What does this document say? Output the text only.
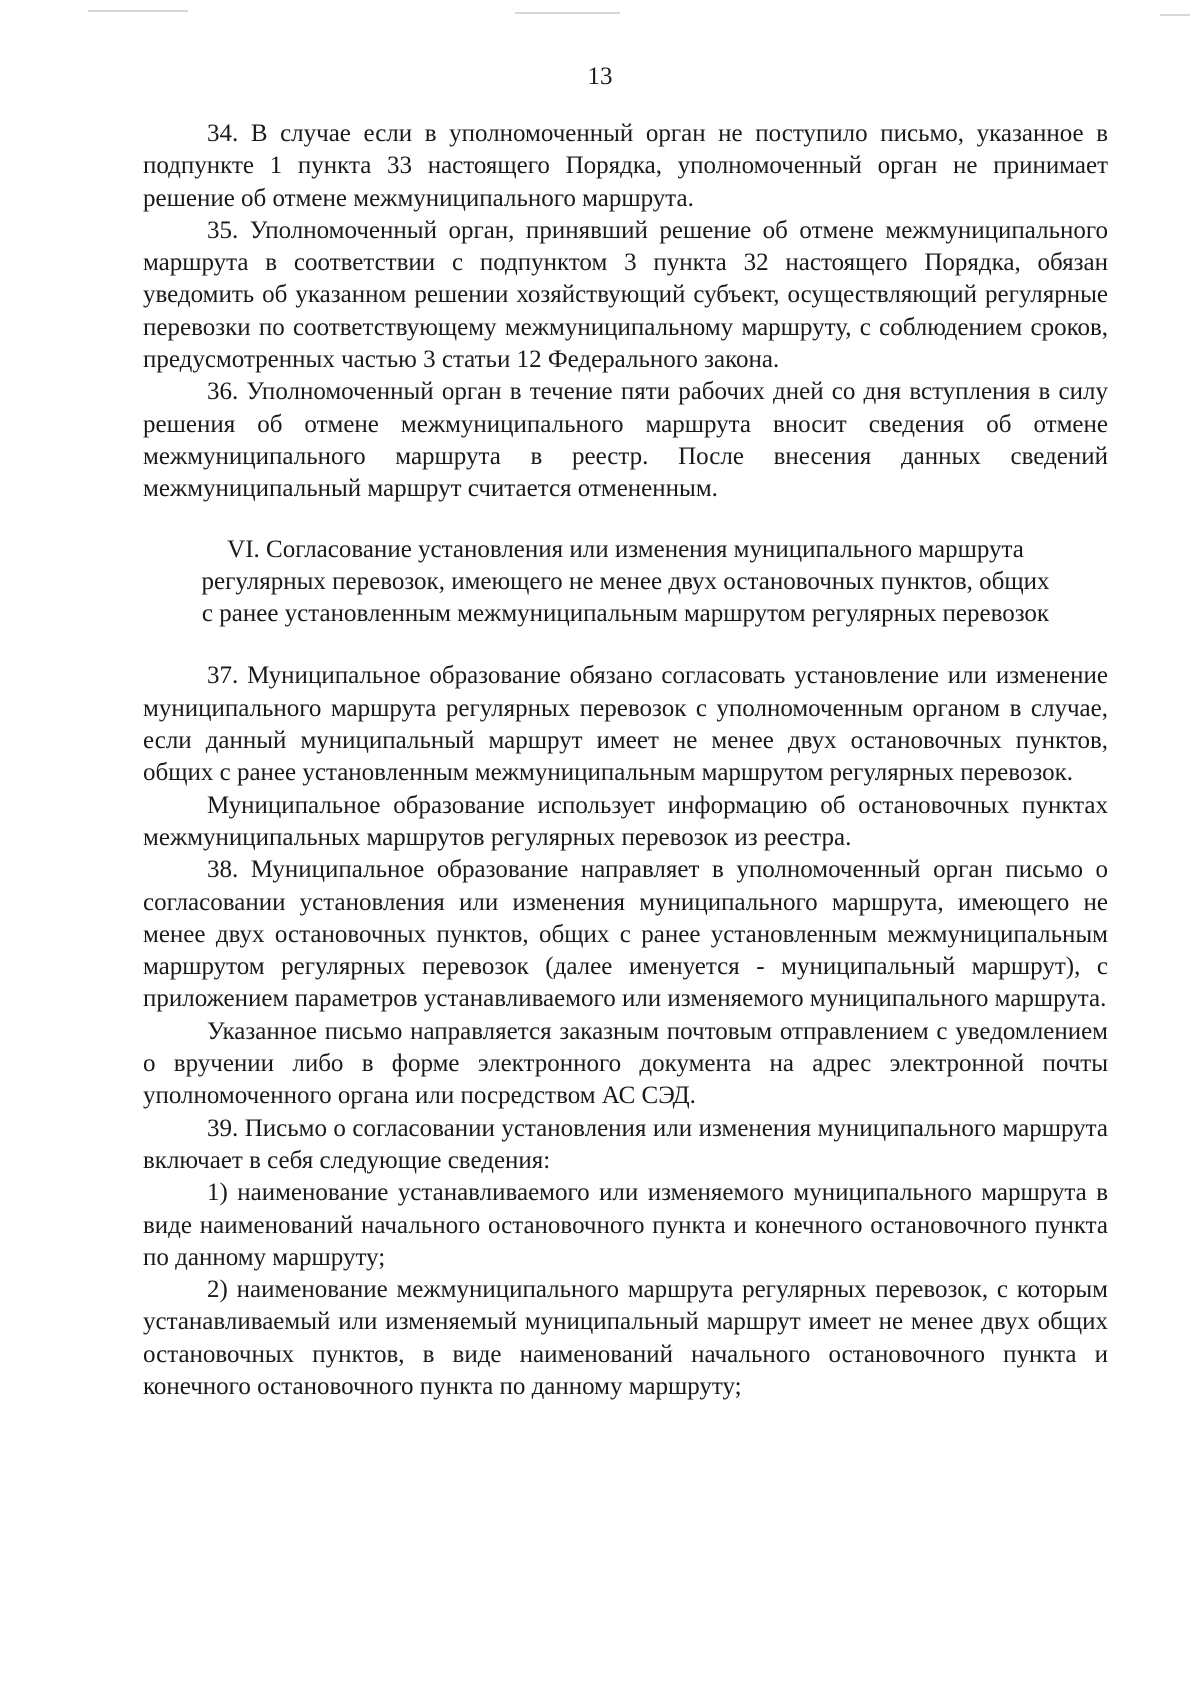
13

34. В случае если в уполномоченный орган не поступило письмо, указанное в подпункте 1 пункта 33 настоящего Порядка, уполномоченный орган не принимает решение об отмене межмуниципального маршрута.

35. Уполномоченный орган, принявший решение об отмене межмуниципального маршрута в соответствии с подпунктом 3 пункта 32 настоящего Порядка, обязан уведомить об указанном решении хозяйствующий субъект, осуществляющий регулярные перевозки по соответствующему межмуниципальному маршруту, с соблюдением сроков, предусмотренных частью 3 статьи 12 Федерального закона.

36. Уполномоченный орган в течение пяти рабочих дней со дня вступления в силу решения об отмене межмуниципального маршрута вносит сведения об отмене межмуниципального маршрута в реестр. После внесения данных сведений межмуниципальный маршрут считается отмененным.

VI. Согласование установления или изменения муниципального маршрута
регулярных перевозок, имеющего не менее двух остановочных пунктов, общих
с ранее установленным межмуниципальным маршрутом регулярных перевозок

37. Муниципальное образование обязано согласовать установление или изменение муниципального маршрута регулярных перевозок с уполномоченным органом в случае, если данный муниципальный маршрут имеет не менее двух остановочных пунктов, общих с ранее установленным межмуниципальным маршрутом регулярных перевозок.

Муниципальное образование использует информацию об остановочных пунктах межмуниципальных маршрутов регулярных перевозок из реестра.

38. Муниципальное образование направляет в уполномоченный орган письмо о согласовании установления или изменения муниципального маршрута, имеющего не менее двух остановочных пунктов, общих с ранее установленным межмуниципальным маршрутом регулярных перевозок (далее именуется - муниципальный маршрут), с приложением параметров устанавливаемого или изменяемого муниципального маршрута.

Указанное письмо направляется заказным почтовым отправлением с уведомлением о вручении либо в форме электронного документа на адрес электронной почты уполномоченного органа или посредством АС СЭД.

39. Письмо о согласовании установления или изменения муниципального маршрута включает в себя следующие сведения:

1) наименование устанавливаемого или изменяемого муниципального маршрута в виде наименований начального остановочного пункта и конечного остановочного пункта по данному маршруту;

2) наименование межмуниципального маршрута регулярных перевозок, с которым устанавливаемый или изменяемый муниципальный маршрут имеет не менее двух общих остановочных пунктов, в виде наименований начального остановочного пункта и конечного остановочного пункта по данному маршруту;
